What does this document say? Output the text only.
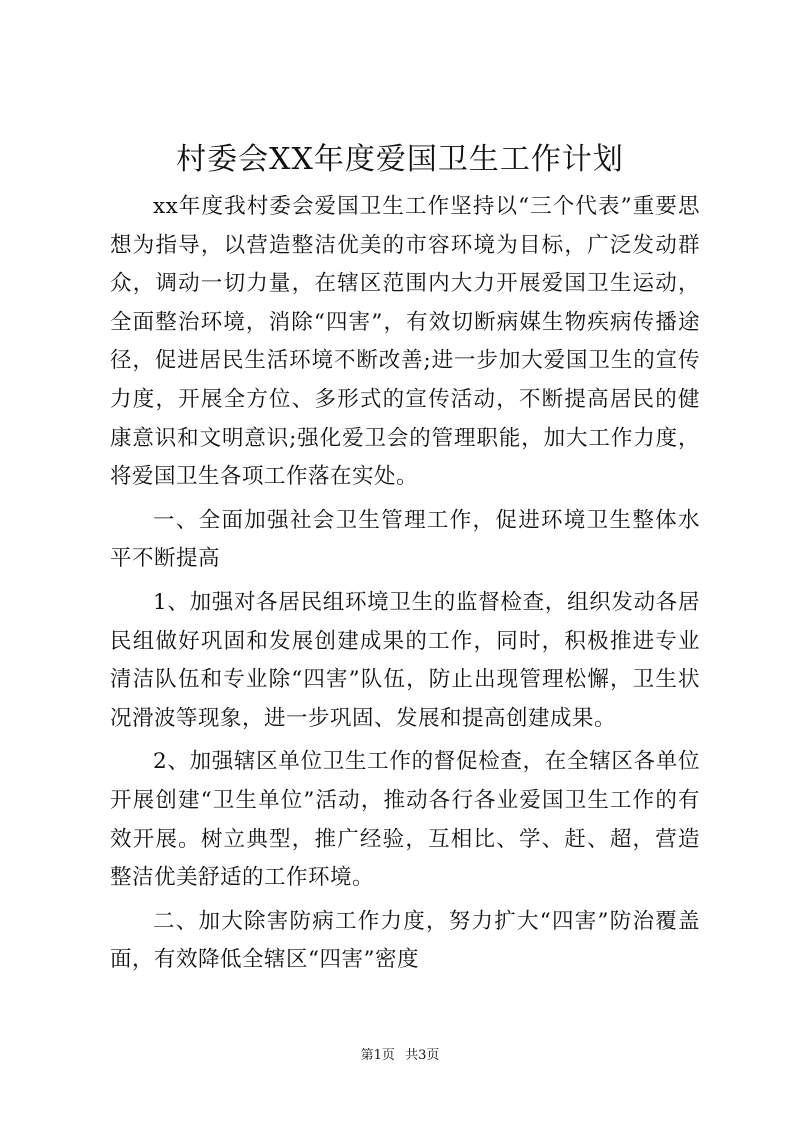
村委会XX年度爱国卫生工作计划

xx年度我村委会爱国卫生工作坚持以“三个代表”重要思想为指导，以营造整洁优美的市容环境为目标，广泛发动群众，调动一切力量，在辖区范围内大力开展爱国卫生运动，全面整治环境，消除“四害”，有效切断病媒生物疾病传播途径，促进居民生活环境不断改善;进一步加大爱国卫生的宣传力度，开展全方位、多形式的宣传活动，不断提高居民的健康意识和文明意识;强化爱卫会的管理职能，加大工作力度，将爱国卫生各项工作落在实处。

一、全面加强社会卫生管理工作，促进环境卫生整体水平不断提高

1、加强对各居民组环境卫生的监督检查，组织发动各居民组做好巩固和发展创建成果的工作，同时，积极推进专业清洁队伍和专业除“四害”队伍，防止出现管理松懈，卫生状况滑波等现象，进一步巩固、发展和提高创建成果。

2、加强辖区单位卫生工作的督促检查，在全辖区各单位开展创建“卫生单位”活动，推动各行各业爱国卫生工作的有效开展。树立典型，推广经验，互相比、学、赶、超，营造整洁优美舒适的工作环境。

二、加大除害防病工作力度，努力扩大“四害”防治覆盖面，有效降低全辖区“四害”密度

第1页 共3页
